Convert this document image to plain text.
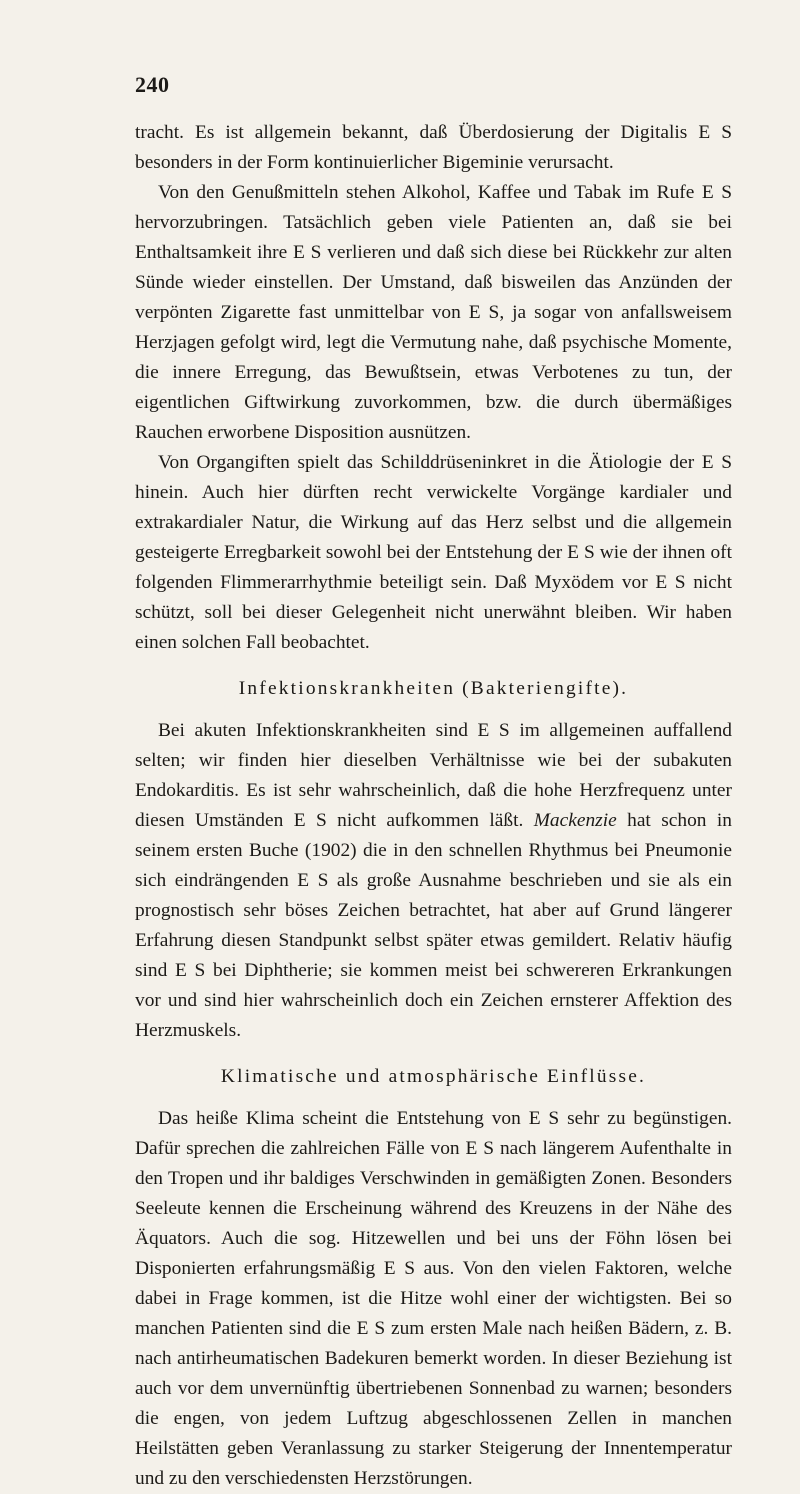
240

tracht. Es ist allgemein bekannt, daß Überdosierung der Digitalis E S besonders in der Form kontinuierlicher Bigeminie verursacht.

Von den Genußmitteln stehen Alkohol, Kaffee und Tabak im Rufe E S hervorzubringen. Tatsächlich geben viele Patienten an, daß sie bei Enthaltsamkeit ihre E S verlieren und daß sich diese bei Rückkehr zur alten Sünde wieder einstellen. Der Umstand, daß bisweilen das Anzünden der verpönten Zigarette fast unmittelbar von E S, ja sogar von anfallsweisem Herzjagen gefolgt wird, legt die Vermutung nahe, daß psychische Momente, die innere Erregung, das Bewußtsein, etwas Verbotenes zu tun, der eigentlichen Giftwirkung zuvorkommen, bzw. die durch übermäßiges Rauchen erworbene Disposition ausnützen.

Von Organgiften spielt das Schilddrüseninkret in die Ätiologie der E S hinein. Auch hier dürften recht verwickelte Vorgänge kardialer und extrakardialer Natur, die Wirkung auf das Herz selbst und die allgemein gesteigerte Erregbarkeit sowohl bei der Entstehung der E S wie der ihnen oft folgenden Flimmerarrhythmie beteiligt sein. Daß Myxödem vor E S nicht schützt, soll bei dieser Gelegenheit nicht unerwähnt bleiben. Wir haben einen solchen Fall beobachtet.

Infektionskrankheiten (Bakteriengifte).

Bei akuten Infektionskrankheiten sind E S im allgemeinen auffallend selten; wir finden hier dieselben Verhältnisse wie bei der subakuten Endokarditis. Es ist sehr wahrscheinlich, daß die hohe Herzfrequenz unter diesen Umständen E S nicht aufkommen läßt. Mackenzie hat schon in seinem ersten Buche (1902) die in den schnellen Rhythmus bei Pneumonie sich eindrängenden E S als große Ausnahme beschrieben und sie als ein prognostisch sehr böses Zeichen betrachtet, hat aber auf Grund längerer Erfahrung diesen Standpunkt selbst später etwas gemildert. Relativ häufig sind E S bei Diphtherie; sie kommen meist bei schwereren Erkrankungen vor und sind hier wahrscheinlich doch ein Zeichen ernsterer Affektion des Herzmuskels.

Klimatische und atmosphärische Einflüsse.

Das heiße Klima scheint die Entstehung von E S sehr zu begünstigen. Dafür sprechen die zahlreichen Fälle von E S nach längerem Aufenthalte in den Tropen und ihr baldiges Verschwinden in gemäßigten Zonen. Besonders Seeleute kennen die Erscheinung während des Kreuzens in der Nähe des Äquators. Auch die sog. Hitzewellen und bei uns der Föhn lösen bei Disponierten erfahrungsmäßig E S aus. Von den vielen Faktoren, welche dabei in Frage kommen, ist die Hitze wohl einer der wichtigsten. Bei so manchen Patienten sind die E S zum ersten Male nach heißen Bädern, z. B. nach antirheumatischen Badekuren bemerkt worden. In dieser Beziehung ist auch vor dem unvernünftig übertriebenen Sonnenbad zu warnen; besonders die engen, von jedem Luftzug abgeschlossenen Zellen in manchen Heilstätten geben Veranlassung zu starker Steigerung der Innentemperatur und zu den verschiedensten Herzstörungen.
